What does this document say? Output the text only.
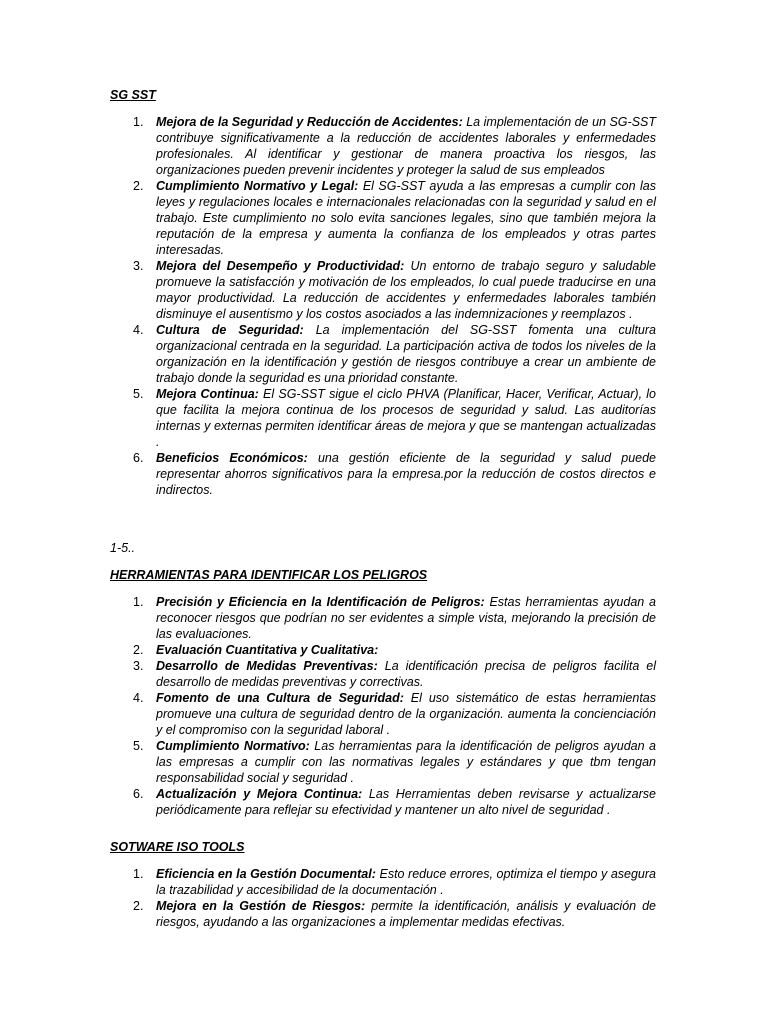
SG SST
1. Mejora de la Seguridad y Reducción de Accidentes: La implementación de un SG-SST contribuye significativamente a la reducción de accidentes laborales y enfermedades profesionales. Al identificar y gestionar de manera proactiva los riesgos, las organizaciones pueden prevenir incidentes y proteger la salud de sus empleados
2. Cumplimiento Normativo y Legal: El SG-SST ayuda a las empresas a cumplir con las leyes y regulaciones locales e internacionales relacionadas con la seguridad y salud en el trabajo. Este cumplimiento no solo evita sanciones legales, sino que también mejora la reputación de la empresa y aumenta la confianza de los empleados y otras partes interesadas.
3. Mejora del Desempeño y Productividad: Un entorno de trabajo seguro y saludable promueve la satisfacción y motivación de los empleados, lo cual puede traducirse en una mayor productividad. La reducción de accidentes y enfermedades laborales también disminuye el ausentismo y los costos asociados a las indemnizaciones y reemplazos .
4. Cultura de Seguridad: La implementación del SG-SST fomenta una cultura organizacional centrada en la seguridad. La participación activa de todos los niveles de la organización en la identificación y gestión de riesgos contribuye a crear un ambiente de trabajo donde la seguridad es una prioridad constante.
5. Mejora Continua: El SG-SST sigue el ciclo PHVA (Planificar, Hacer, Verificar, Actuar), lo que facilita la mejora continua de los procesos de seguridad y salud. Las auditorías internas y externas permiten identificar áreas de mejora y que se mantengan actualizadas .
6. Beneficios Económicos: una gestión eficiente de la seguridad y salud puede representar ahorros significativos para la empresa.por la reducción de costos directos e indirectos.
1-5..
HERRAMIENTAS PARA IDENTIFICAR LOS PELIGROS
1. Precisión y Eficiencia en la Identificación de Peligros: Estas herramientas ayudan a reconocer riesgos que podrían no ser evidentes a simple vista, mejorando la precisión de las evaluaciones.
2. Evaluación Cuantitativa y Cualitativa:
3. Desarrollo de Medidas Preventivas: La identificación precisa de peligros facilita el desarrollo de medidas preventivas y correctivas.
4. Fomento de una Cultura de Seguridad: El uso sistemático de estas herramientas promueve una cultura de seguridad dentro de la organización. aumenta la concienciación y el compromiso con la seguridad laboral .
5. Cumplimiento Normativo: Las herramientas para la identificación de peligros ayudan a las empresas a cumplir con las normativas legales y estándares y que tbm tengan responsabilidad social y seguridad .
6. Actualización y Mejora Continua: Las Herramientas deben revisarse y actualizarse periódicamente para reflejar su efectividad y mantener un alto nivel de seguridad .
SOTWARE ISO TOOLS
1. Eficiencia en la Gestión Documental: Esto reduce errores, optimiza el tiempo y asegura la trazabilidad y accesibilidad de la documentación .
2. Mejora en la Gestión de Riesgos: permite la identificación, análisis y evaluación de riesgos, ayudando a las organizaciones a implementar medidas efectivas.
